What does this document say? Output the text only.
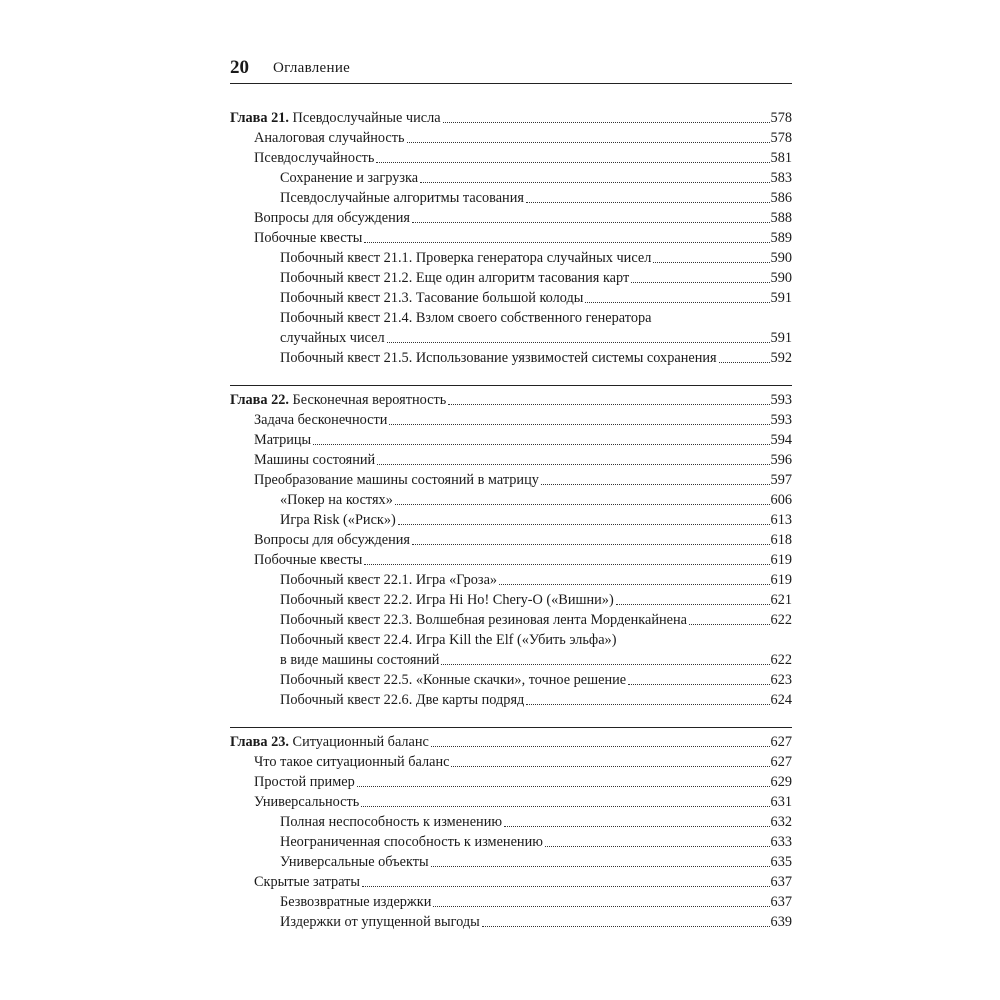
20 Оглавление
Глава 21. Псевдослучайные числа	578
Аналоговая случайность	578
Псевдослучайность	581
Сохранение и загрузка	583
Псевдослучайные алгоритмы тасования	586
Вопросы для обсуждения	588
Побочные квесты	589
Побочный квест 21.1. Проверка генератора случайных чисел	590
Побочный квест 21.2. Еще один алгоритм тасования карт	590
Побочный квест 21.3. Тасование большой колоды	591
Побочный квест 21.4. Взлом своего собственного генератора
случайных чисел	591
Побочный квест 21.5. Использование уязвимостей системы сохранения	592
Глава 22. Бесконечная вероятность	593
Задача бесконечности	593
Матрицы	594
Машины состояний	596
Преобразование машины состояний в матрицу	597
«Покер на костях»	606
Игра Risk («Риск»)	613
Вопросы для обсуждения	618
Побочные квесты	619
Побочный квест 22.1. Игра «Гроза»	619
Побочный квест 22.2. Игра Hi Ho! Chery-O («Вишни»)	621
Побочный квест 22.3. Волшебная резиновая лента Морденкайнена	622
Побочный квест 22.4. Игра Kill the Elf («Убить эльфа»)
в виде машины состояний	622
Побочный квест 22.5. «Конные скачки», точное решение	623
Побочный квест 22.6. Две карты подряд	624
Глава 23. Ситуационный баланс	627
Что такое ситуационный баланс	627
Простой пример	629
Универсальность	631
Полная неспособность к изменению	632
Неограниченная способность к изменению	633
Универсальные объекты	635
Скрытые затраты	637
Безвозвратные издержки	637
Издержки от упущенной выгоды	639
